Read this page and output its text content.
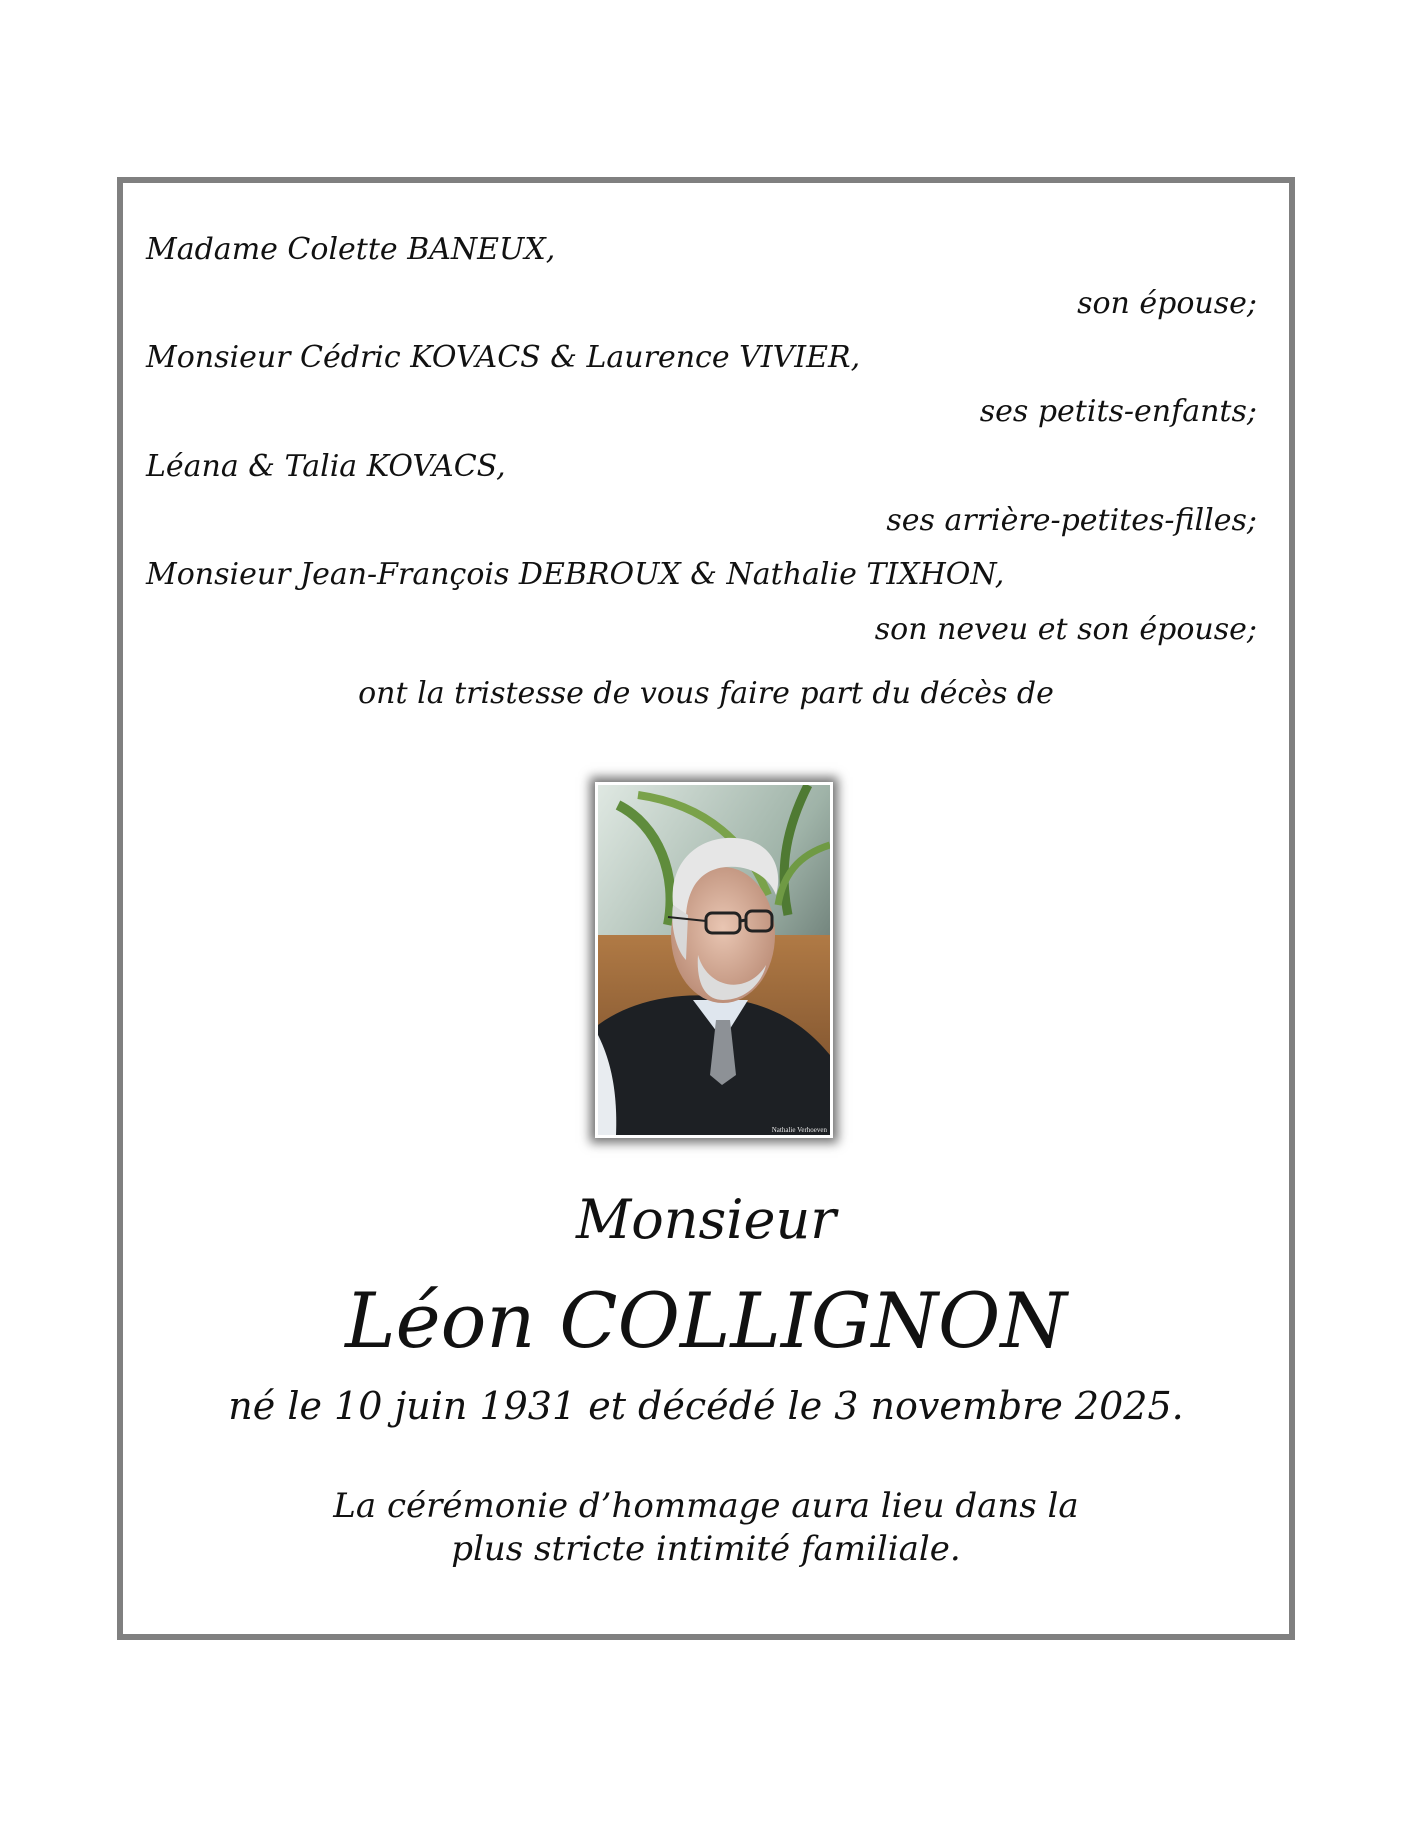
Madame Colette BANEUX,
son épouse;
Monsieur Cédric KOVACS & Laurence VIVIER,
ses petits-enfants;
Léana & Talia KOVACS,
ses arrière-petites-filles;
Monsieur Jean-François DEBROUX & Nathalie TIXHON,
son neveu et son épouse;
ont la tristesse de vous faire part du décès de
Nathalie Verhoeven
Monsieur
Léon COLLIGNON
né le 10 juin 1931 et décédé le 3 novembre 2025.
La cérémonie d’hommage aura lieu dans la
plus stricte intimité familiale.
